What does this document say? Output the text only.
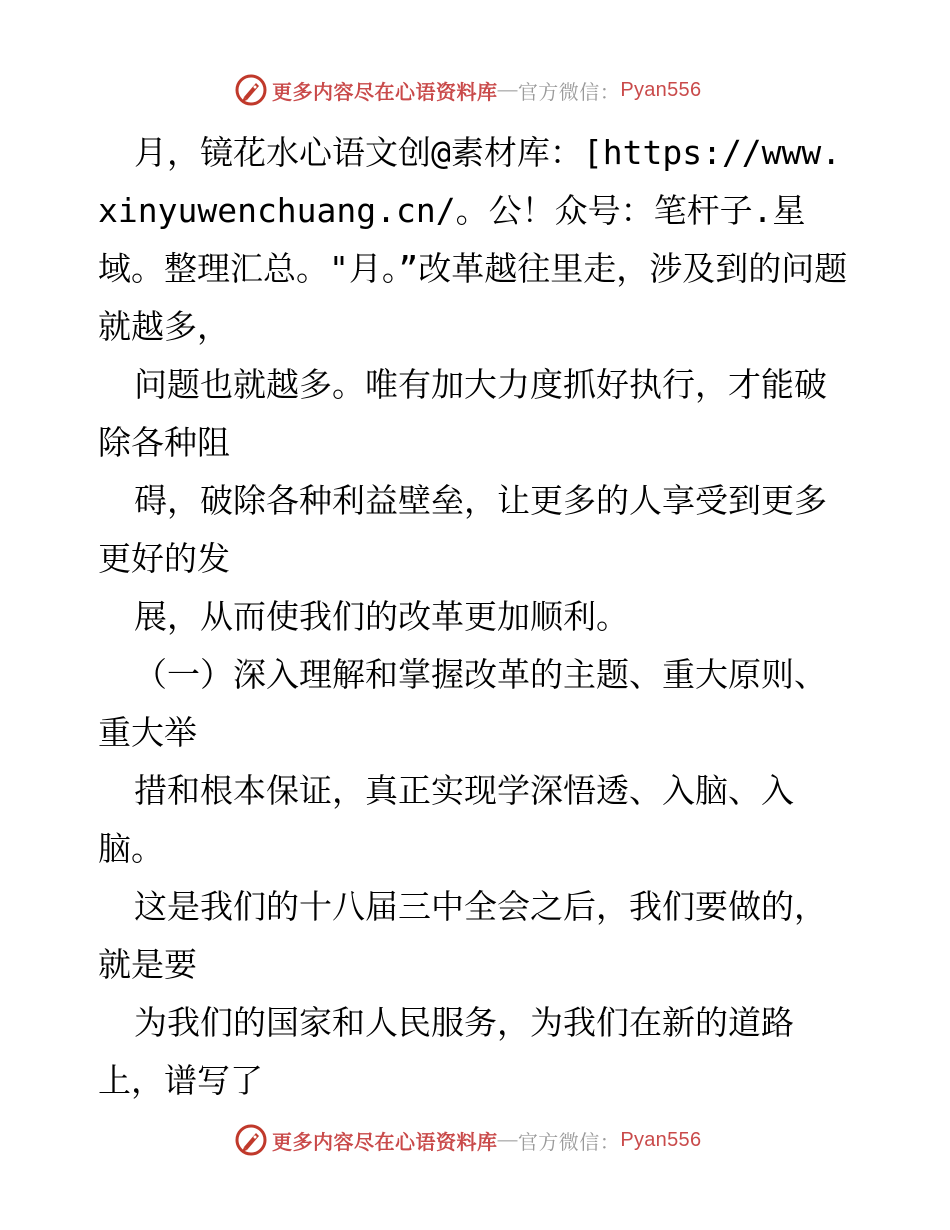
更多内容尽在心语资料库 — 官方微信： Pyan556

月，镜花水心语文创@素材库：[https://www.xinyuwenchuang.cn/。公！众号：笔杆子.星域。整理汇总。"月。”改革越往里走，涉及到的问题就越多，

问题也就越多。唯有加大力度抓好执行，才能破除各种阻

碍，破除各种利益壁垒，让更多的人享受到更多更好的发

展，从而使我们的改革更加顺利。

（一）深入理解和掌握改革的主题、重大原则、重大举

措和根本保证，真正实现学深悟透、入脑、入脑。

这是我们的十八届三中全会之后，我们要做的，就是要

为我们的国家和人民服务，为我们在新的道路上，谱写了

更多内容尽在心语资料库 — 官方微信： Pyan556
